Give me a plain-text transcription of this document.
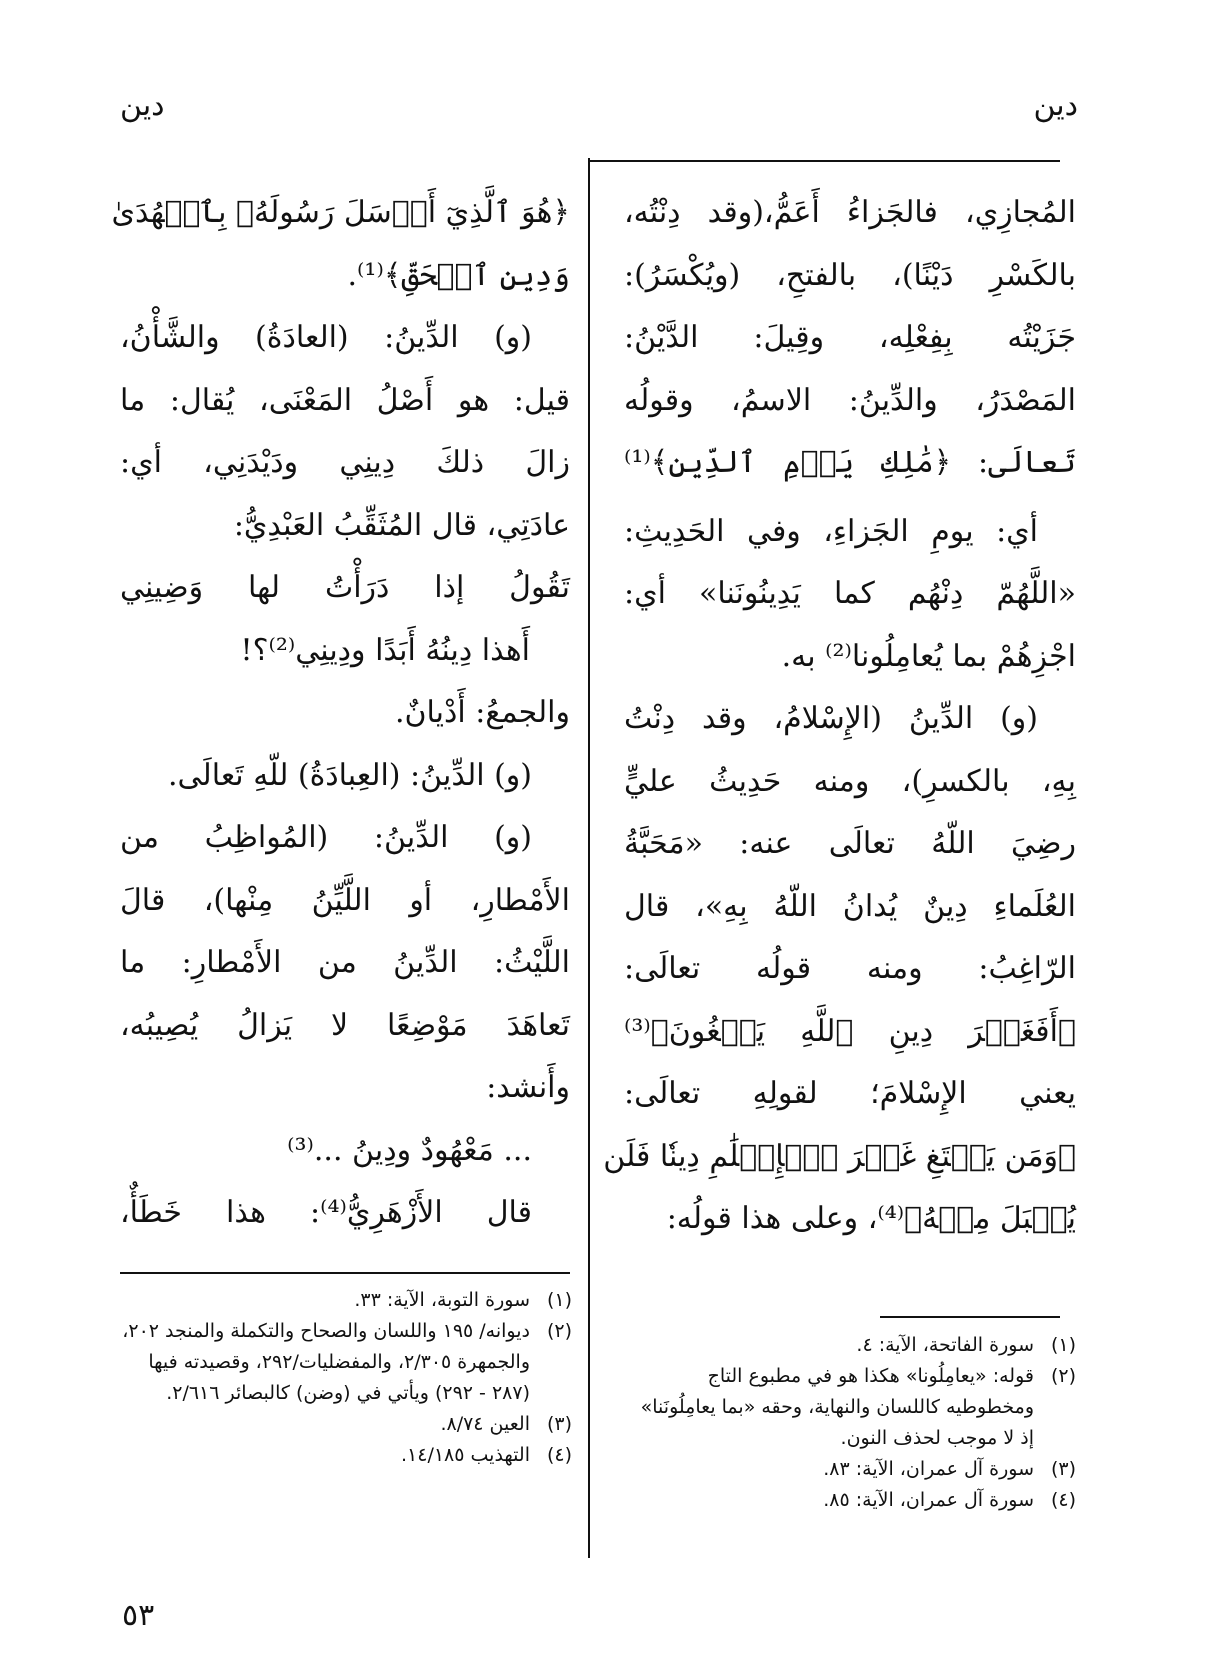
دين
دين
المُجازِي، فالجَزاءُ أَعَمُّ،(وقد دِنْتُه،
بالكَسْرِ دَيْنًا)، بالفتحِ، (ويُكْسَرُ):
جَزَيْتُه بِفِعْلِه، وقِيلَ: الدَّيْنُ:
المَصْدَرُ، والدِّينُ: الاسمُ، وقولُه
تَعالَى: ﴿مَٰلِكِ يَوۡمِ ٱلدِّينِ﴾⁽¹⁾
أي: يومِ الجَزاءِ، وفي الحَدِيثِ:
«اللَّهُمّ دِنْهُم كما يَدِينُونَنا» أي:
اجْزِهُمْ بما يُعامِلُونا⁽²⁾ به.
(و) الدِّينُ (الإِسْلامُ، وقد دِنْتُ
بِهِ، بالكسرِ)، ومنه حَدِيثُ عليٍّ
رضِيَ اللّهُ تعالَى عنه: «مَحَبَّةُ
العُلَماءِ دِينٌ يُدانُ اللّهُ بِهِ»، قال
الرّاغِبُ: ومنه قولُه تعالَى:
﴿أَفَغَيۡرَ دِينِ ٱللَّهِ يَبۡغُونَ﴾⁽³⁾
يعني الإِسْلامَ؛ لقولِهِ تعالَى:
﴿وَمَن يَبۡتَغِ غَيۡرَ ٱلۡإِسۡلَٰمِ دِينٗا فَلَن
يُقۡبَلَ مِنۡهُ﴾⁽⁴⁾، وعلى هذا قولُه:
﴿هُوَ ٱلَّذِيٓ أَرۡسَلَ رَسُولَهُۥ بِٱلۡهُدَىٰ
وَدِينِ ٱلۡحَقِّ﴾⁽¹⁾.
(و) الدِّينُ: (العادَةُ) والشَّأْنُ،
قيل: هو أَصْلُ المَعْنَى، يُقال: ما
زالَ ذلكَ دِينِي ودَيْدَنِي، أي:
عادَتِي، قال المُثَقِّبُ العَبْدِيُّ:
تَقُولُ إذا دَرَأْتُ لها وَضِينِي
أَهذا دِينُهُ أَبَدًا ودِينِي⁽²⁾؟!
والجمعُ: أَدْيانٌ.
(و) الدِّينُ: (العِبادَةُ) للّهِ تَعالَى.
(و) الدِّينُ: (المُواظِبُ من
الأَمْطارِ، أو اللَّيِّنُ مِنْها)، قالَ
اللَّيْثُ: الدِّينُ من الأَمْطارِ: ما
تَعاهَدَ مَوْضِعًا لا يَزالُ يُصِيبُه،
وأَنشد:
... مَعْهُودٌ ودِينُ ...⁽³⁾
قال الأَزْهَرِيُّ⁽⁴⁾: هذا خَطَأٌ،
(١)
سورة الفاتحة، الآية: ٤.
(٢)
قوله: «يعامِلُونا» هكذا هو في مطبوع التاج ومخطوطيه كاللسان والنهاية، وحقه «بما يعامِلُونَنا» إذ لا موجب لحذف النون.
(٣)
سورة آل عمران، الآية: ٨٣.
(٤)
سورة آل عمران، الآية: ٨٥.
(١)
سورة التوبة، الآية: ٣٣.
(٢)
ديوانه/ ١٩٥ واللسان والصحاح والتكملة والمنجد ٢٠٢، والجمهرة ٢/٣٠٥، والمفضليات/٢٩٢، وقصيدته فيها (٢٨٧ - ٢٩٢) ويأتي في (وضن) كالبصائر ٢/٦١٦.
(٣)
العين ٨/٧٤.
(٤)
التهذيب ١٤/١٨٥.
٥٣
